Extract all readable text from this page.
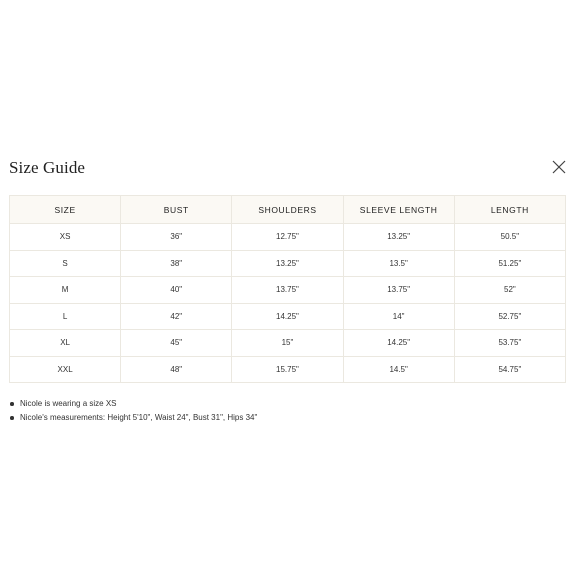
Size Guide
SIZE	BUST	SHOULDERS	SLEEVE LENGTH	LENGTH
XS	36"	12.75"	13.25"	50.5"
S	38"	13.25"	13.5"	51.25"
M	40"	13.75"	13.75"	52"
L	42"	14.25"	14"	52.75"
XL	45"	15"	14.25"	53.75"
XXL	48"	15.75"	14.5"	54.75"
Nicole is wearing a size XS
Nicole's measurements: Height 5'10", Waist 24", Bust 31", Hips 34"
